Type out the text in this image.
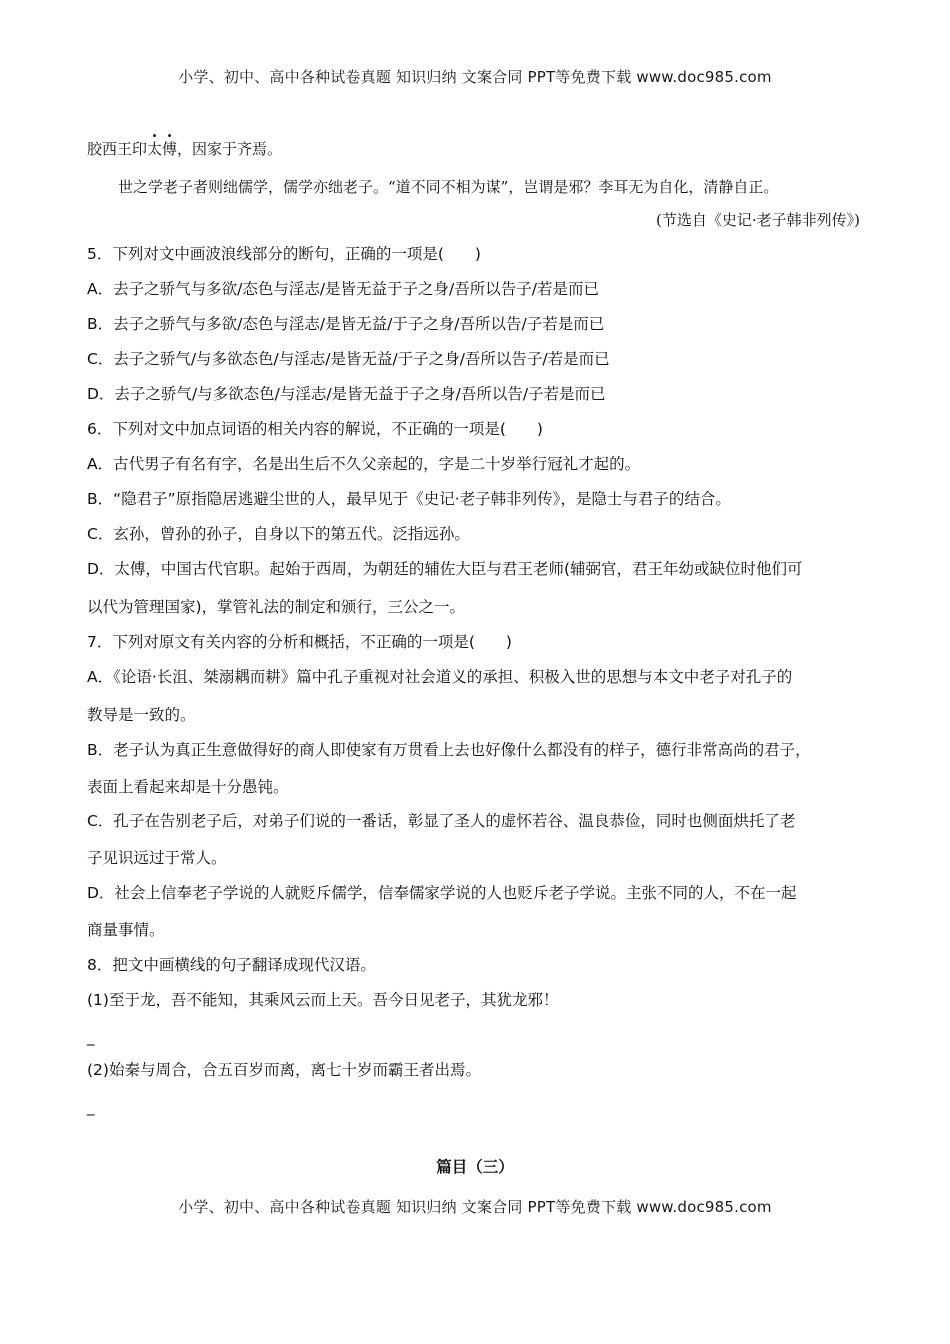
小学、初中、高中各种试卷真题 知识归纳 文案合同 PPT等免费下载 www.doc985.com
胶西王印太傅，因家于齐焉。
世之学老子者则绌儒学，儒学亦绌老子。“道不同不相为谋”，岂谓是邪？李耳无为自化，清静自正。
(节选自《史记·老子韩非列传》)
5．下列对文中画波浪线部分的断句，正确的一项是(　　)
A．去子之骄气与多欲/态色与淫志/是皆无益于子之身/吾所以告子/若是而已
B．去子之骄气与多欲/态色与淫志/是皆无益/于子之身/吾所以告/子若是而已
C．去子之骄气/与多欲态色/与淫志/是皆无益/于子之身/吾所以告子/若是而已
D．去子之骄气/与多欲态色/与淫志/是皆无益于子之身/吾所以告/子若是而已
6．下列对文中加点词语的相关内容的解说，不正确的一项是(　　)
A．古代男子有名有字，名是出生后不久父亲起的，字是二十岁举行冠礼才起的。
B．“隐君子”原指隐居逃避尘世的人，最早见于《史记·老子韩非列传》，是隐士与君子的结合。
C．玄孙，曾孙的孙子，自身以下的第五代。泛指远孙。
D．太傅，中国古代官职。起始于西周，为朝廷的辅佐大臣与君王老师(辅弼官，君王年幼或缺位时他们可
以代为管理国家)，掌管礼法的制定和颁行，三公之一。
7．下列对原文有关内容的分析和概括，不正确的一项是(　　)
A．《论语·长沮、桀溺耦而耕》篇中孔子重视对社会道义的承担、积极入世的思想与本文中老子对孔子的
教导是一致的。
B．老子认为真正生意做得好的商人即使家有万贯看上去也好像什么都没有的样子，德行非常高尚的君子，
表面上看起来却是十分愚钝。
C．孔子在告别老子后，对弟子们说的一番话，彰显了圣人的虚怀若谷、温良恭俭，同时也侧面烘托了老
子见识远过于常人。
D．社会上信奉老子学说的人就贬斥儒学，信奉儒家学说的人也贬斥老子学说。主张不同的人，不在一起
商量事情。
8．把文中画横线的句子翻译成现代汉语。
(1)至于龙，吾不能知，其乘风云而上天。吾今日见老子，其犹龙邪！
_
(2)始秦与周合，合五百岁而离，离七十岁而霸王者出焉。
_
篇目（三）
小学、初中、高中各种试卷真题 知识归纳 文案合同 PPT等免费下载 www.doc985.com
